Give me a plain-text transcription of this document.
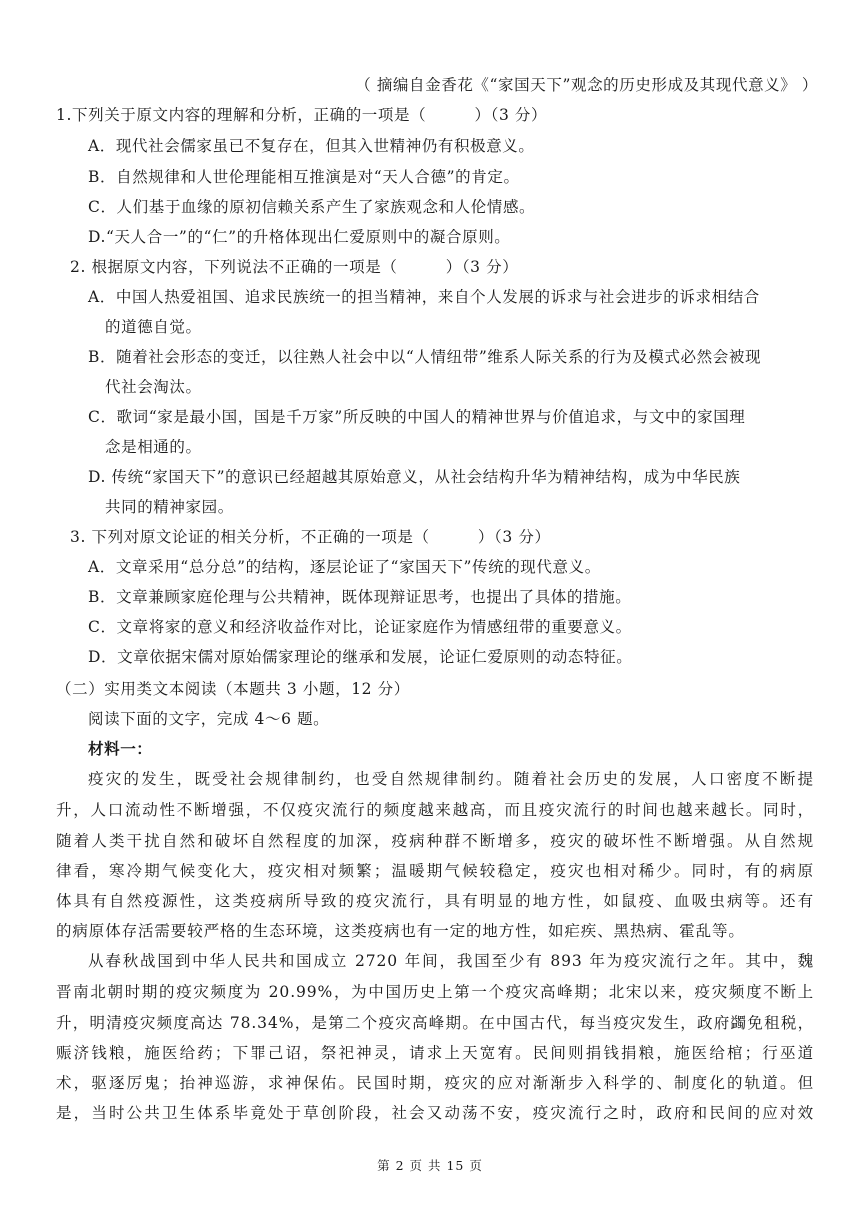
（ 摘编自金香花《“家国天下”观念的历史形成及其现代意义》 ）
1.下列关于原文内容的理解和分析，正确的一项是（　　　）（3 分）
A．现代社会儒家虽已不复存在，但其入世精神仍有积极意义。
B．自然规律和人世伦理能相互推演是对“天人合德”的肯定。
C．人们基于血缘的原初信赖关系产生了家族观念和人伦情感。
D.“天人合一”的“仁”的升格体现出仁爱原则中的凝合原则。
2. 根据原文内容，下列说法不正确的一项是（　　　）（3 分）
A．中国人热爱祖国、追求民族统一的担当精神，来自个人发展的诉求与社会进步的诉求相结合
的道德自觉。
B．随着社会形态的变迁，以往熟人社会中以“人情纽带”维系人际关系的行为及模式必然会被现
代社会淘汰。
C．歌词“家是最小国，国是千万家”所反映的中国人的精神世界与价值追求，与文中的家国理
念是相通的。
D. 传统“家国天下”的意识已经超越其原始意义，从社会结构升华为精神结构，成为中华民族
共同的精神家园。
3. 下列对原文论证的相关分析，不正确的一项是（　　　）（3 分）
A．文章采用“总分总”的结构，逐层论证了“家国天下”传统的现代意义。
B．文章兼顾家庭伦理与公共精神，既体现辩证思考，也提出了具体的措施。
C．文章将家的意义和经济收益作对比，论证家庭作为情感纽带的重要意义。
D．文章依据宋儒对原始儒家理论的继承和发展，论证仁爱原则的动态特征。
（二）实用类文本阅读（本题共 3 小题，12 分）
阅读下面的文字，完成 4～6 题。
材料一：
疫灾的发生，既受社会规律制约，也受自然规律制约。随着社会历史的发展，人口密度不断提
升，人口流动性不断增强，不仅疫灾流行的频度越来越高，而且疫灾流行的时间也越来越长。同时，
随着人类干扰自然和破坏自然程度的加深，疫病种群不断增多，疫灾的破坏性不断增强。从自然规
律看，寒冷期气候变化大，疫灾相对频繁；温暖期气候较稳定，疫灾也相对稀少。同时，有的病原
体具有自然疫源性，这类疫病所导致的疫灾流行，具有明显的地方性，如鼠疫、血吸虫病等。还有
的病原体存活需要较严格的生态环境，这类疫病也有一定的地方性，如疟疾、黑热病、霍乱等。
从春秋战国到中华人民共和国成立 2720 年间，我国至少有 893 年为疫灾流行之年。其中，魏
晋南北朝时期的疫灾频度为 20.99%，为中国历史上第一个疫灾高峰期；北宋以来，疫灾频度不断上
升，明清疫灾频度高达 78.34%，是第二个疫灾高峰期。在中国古代，每当疫灾发生，政府蠲免租税，
赈济钱粮，施医给药；下罪己诏，祭祀神灵，请求上天宽宥。民间则捐钱捐粮，施医给棺；行巫道
术，驱逐厉鬼；抬神巡游，求神保佑。民国时期，疫灾的应对渐渐步入科学的、制度化的轨道。但
是，当时公共卫生体系毕竟处于草创阶段，社会又动荡不安，疫灾流行之时，政府和民间的应对效
第 2 页 共 15 页
